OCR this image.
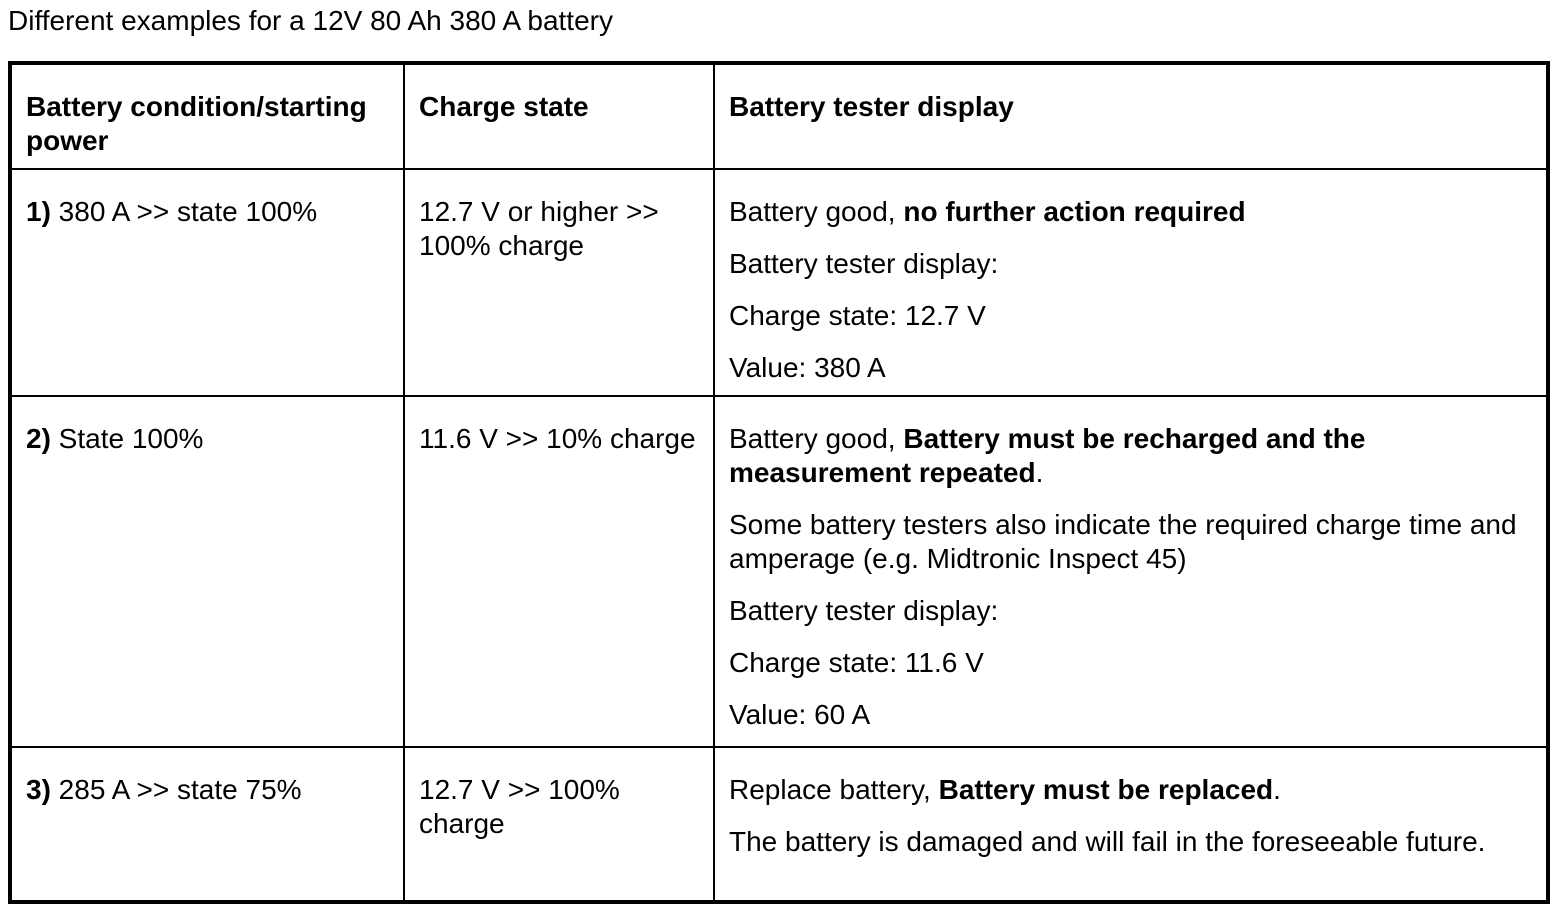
Different examples for a 12V 80 Ah 380 A battery
Battery condition/starting power	Charge state	Battery tester display

1) 380 A >> state 100%	12.7 V or higher >> 100% charge	Battery good, no further action required

Battery tester display:

Charge state: 12.7 V

Value: 380 A

2) State 100%	11.6 V >> 10% charge	Battery good, Battery must be recharged and the measurement repeated.

Some battery testers also indicate the required charge time and amperage (e.g. Midtronic Inspect 45)

Battery tester display:

Charge state: 11.6 V

Value: 60 A

3) 285 A >> state 75%	12.7 V >> 100% charge	Replace battery, Battery must be replaced.

The battery is damaged and will fail in the foreseeable future.
